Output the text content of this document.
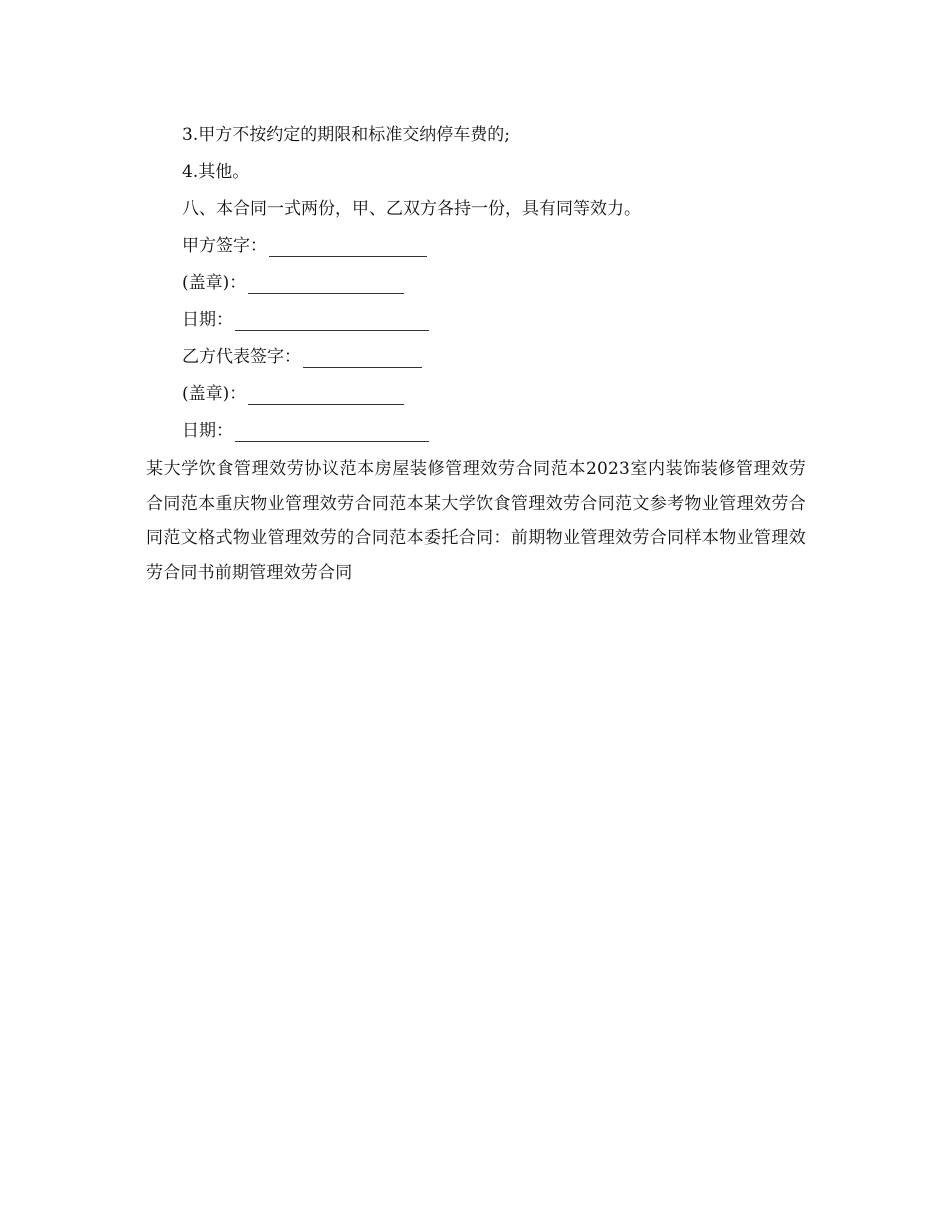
3.甲方不按约定的期限和标准交纳停车费的;
4.其他。
八、本合同一式两份，甲、乙双方各持一份，具有同等效力。
甲方签字：
(盖章)：
日期：
乙方代表签字：
(盖章)：
日期：
某大学饮食管理效劳协议范本房屋装修管理效劳合同范本2023室内装饰装修管理效劳合同范本重庆物业管理效劳合同范本某大学饮食管理效劳合同范文参考物业管理效劳合同范文格式物业管理效劳的合同范本委托合同：前期物业管理效劳合同样本物业管理效劳合同书前期管理效劳合同
